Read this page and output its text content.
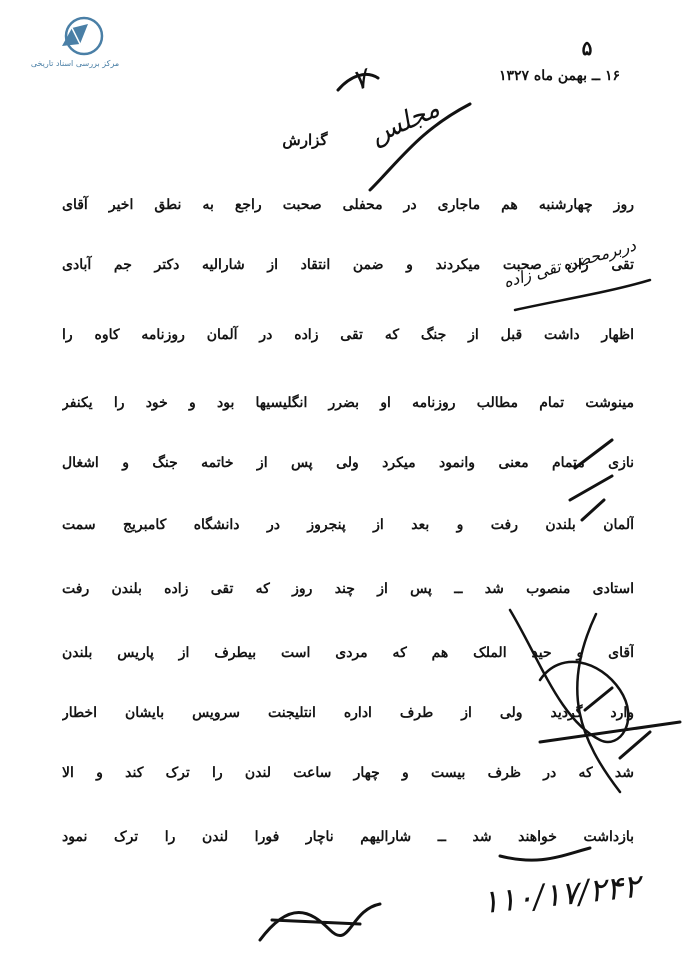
مرکز بررسی اسناد تاریخی
۵
۱۶ ــ بهمن ماه ۱۳۲۷
گزارش
روز چهارشنبه هم ماجاری در محفلی صحبت راجع به نطق اخیر آقای
تقی زاده صحبت میکردند و ضمن انتقاد از شارالیه دکتر جم آبادی
اظهار داشت قبل از جنگ که تقی زاده در آلمان روزنامه کاوه را
مینوشت تمام مطالب روزنامه او بضرر انگلیسیها بود و خود را یکنفر
نازی متمام معنی وانمود میکرد ولی پس از خاتمه جنگ و اشغال
آلمان بلندن رفت و بعد از پنجروز در دانشگاه کامبریج سمت
استادی منصوب شد ــ پس از چند روز که تقی زاده بلندن رفت
آقای و حید الملک هم که مردی است بیطرف از پاریس بلندن
وارد گردید ولی از طرف اداره انتلیجنت سرویس بایشان اخطار
شد که در ظرف بیست و چهار ساعت لندن را ترک کند و الا
بازداشت خواهند شد ــ شارالیهم ناچار فورا لندن را ترک نمود
۷
مجلس
دربرمحضن تقی زاده
۱۱۰/۱۷/۲۴۲
